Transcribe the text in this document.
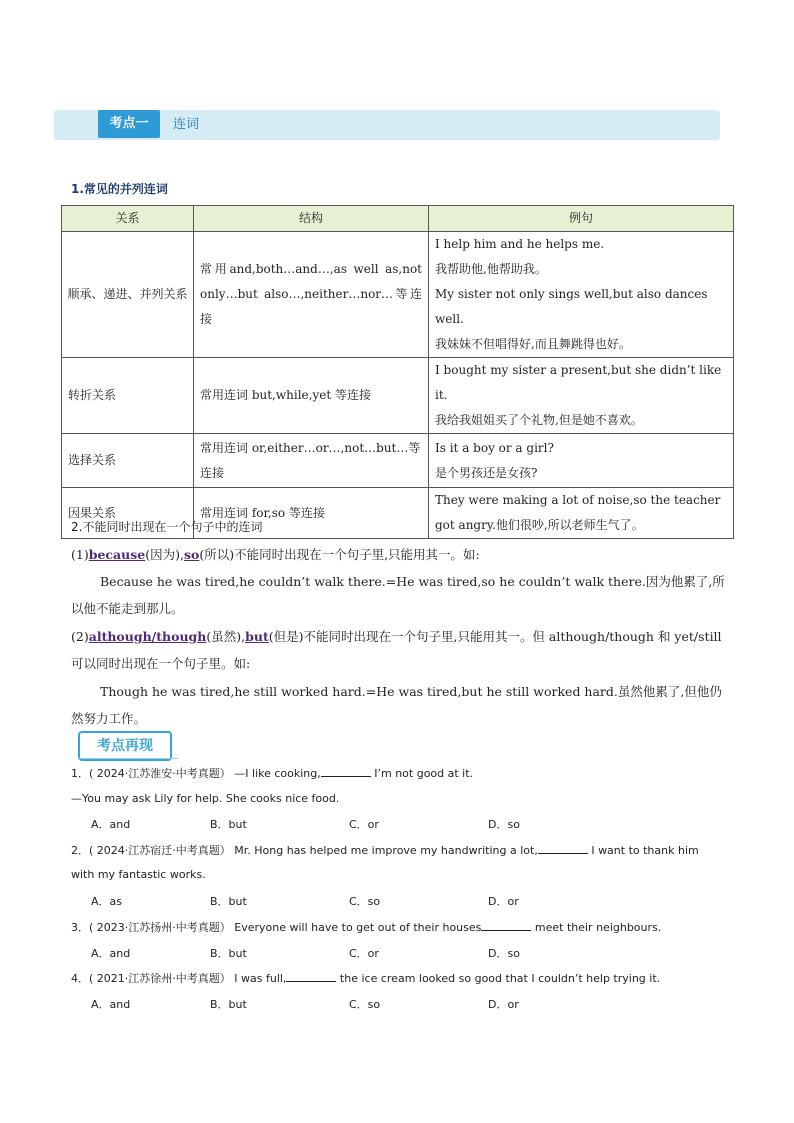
考点一	连词
1.常见的并列连词
关系	结构	例句
顺承、递进、并列关系	常用and,both…and…,as well as,not only…but also…,neither…nor…等连接	I help him and he helps me.
我帮助他,他帮助我。
My sister not only sings well,but also dances well.
我妹妹不但唱得好,而且舞跳得也好。

转折关系	常用连词 but,while,yet 等连接	I bought my sister a present,but she didn’t like it.
我给我姐姐买了个礼物,但是她不喜欢。

选择关系	常用连词 or,either…or…,not…but…等连接	Is it a boy or a girl?
是个男孩还是女孩?

因果关系	常用连词 for,so 等连接	They were making a lot of noise,so the teacher got angry.他们很吵,所以老师生气了。
2.不能同时出现在一个句子中的连词
(1)because(因为),so(所以)不能同时出现在一个句子里,只能用其一。如:
Because he was tired,he couldn’t walk there.=He was tired,so he couldn’t walk there.因为他累了,所以他不能走到那儿。
(2)although/though(虽然),but(但是)不能同时出现在一个句子里,只能用其一。但 although/though 和 yet/still 可以同时出现在一个句子里。如:
Though he was tired,he still worked hard.=He was tired,but he still worked hard.虽然他累了,但他仍然努力工作。
考点再现
1．( 2024·江苏淮安·中考真题） —I like cooking,	I’m not good at it.
—You may ask Lily for help. She cooks nice food.
A．and	B．but	C．or	D．so
2．( 2024·江苏宿迁·中考真题） Mr. Hong has helped me improve my handwriting a lot,	I want to thank him
with my fantastic works.
A．as	B．but	C．so	D．or
3．( 2023·江苏扬州·中考真题） Everyone will have to get out of their houses	meet their neighbours.
A．and	B．but	C．or	D．so
4．( 2021·江苏徐州·中考真题） I was full,	the ice cream looked so good that I couldn’t help trying it.
A．and	B．but	C．so	D．or
